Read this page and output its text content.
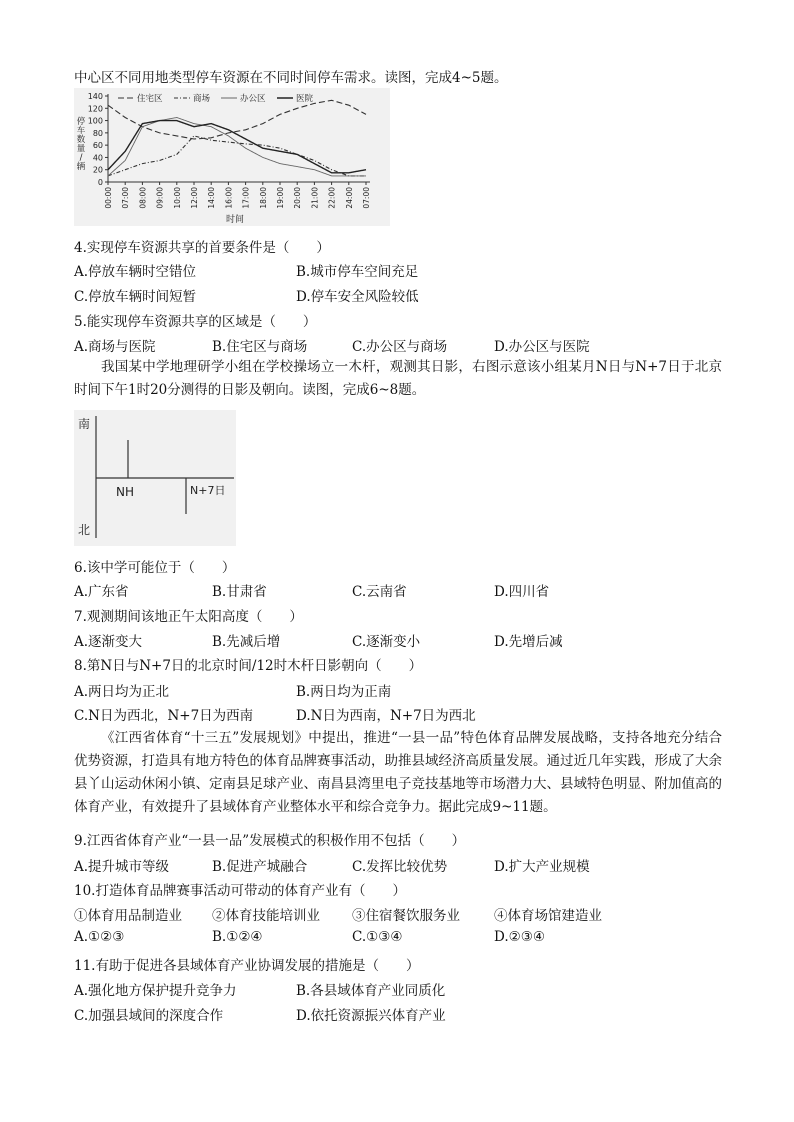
中心区不同用地类型停车资源在不同时间停车需求。读图，完成4~5题。
0
20
40
60
80
100
120
140
00:00 07:00 08:00 09:00 10:00 12:00 14:00 16:00 17:00 18:00 19:00 20:00 21:00 22:00 24:00 07:00
停
车
数
量
/
辆
时间
住宅区	商场	办公区	医院
4.实现停车资源共享的首要条件是（　　）
A.停放车辆时空错位	B.城市停车空间充足
C.停放车辆时间短暂	D.停车安全风险较低
5.能实现停车资源共享的区域是（　　）
A.商场与医院	B.住宅区与商场	C.办公区与商场	D.办公区与医院
我国某中学地理研学小组在学校操场立一木杆，观测其日影，右图示意该小组某月N日与N+7日于北京时间下午1时20分测得的日影及朝向。读图，完成6~8题。
南
北
NH	N+7日
6.该中学可能位于（　　）
A.广东省	B.甘肃省	C.云南省	D.四川省
7.观测期间该地正午太阳高度（　　）
A.逐渐变大	B.先减后增	C.逐渐变小	D.先增后减
8.第N日与N+7日的北京时间/12时木杆日影朝向（　　）
A.两日均为正北	B.两日均为正南
C.N日为西北，N+7日为西南	D.N日为西南，N+7日为西北
《江西省体育“十三五”发展规划》中提出，推进“一县一品”特色体育品牌发展战略，支持各地充分结合优势资源，打造具有地方特色的体育品牌赛事活动，助推县域经济高质量发展。通过近几年实践，形成了大余县丫山运动休闲小镇、定南县足球产业、南昌县湾里电子竞技基地等市场潜力大、县域特色明显、附加值高的体育产业，有效提升了县域体育产业整体水平和综合竞争力。据此完成9~11题。
9.江西省体育产业“一县一品”发展模式的积极作用不包括（　　）
A.提升城市等级	B.促进产城融合	C.发挥比较优势	D.扩大产业规模
10.打造体育品牌赛事活动可带动的体育产业有（　　）
①体育用品制造业 ②体育技能培训业 ③住宿餐饮服务业	④体育场馆建造业
A.①②③	B.①②④	C.①③④	D.②③④
11.有助于促进各县域体育产业协调发展的措施是（　　）
A.强化地方保护提升竞争力	B.各县域体育产业同质化
C.加强县域间的深度合作	D.依托资源振兴体育产业
